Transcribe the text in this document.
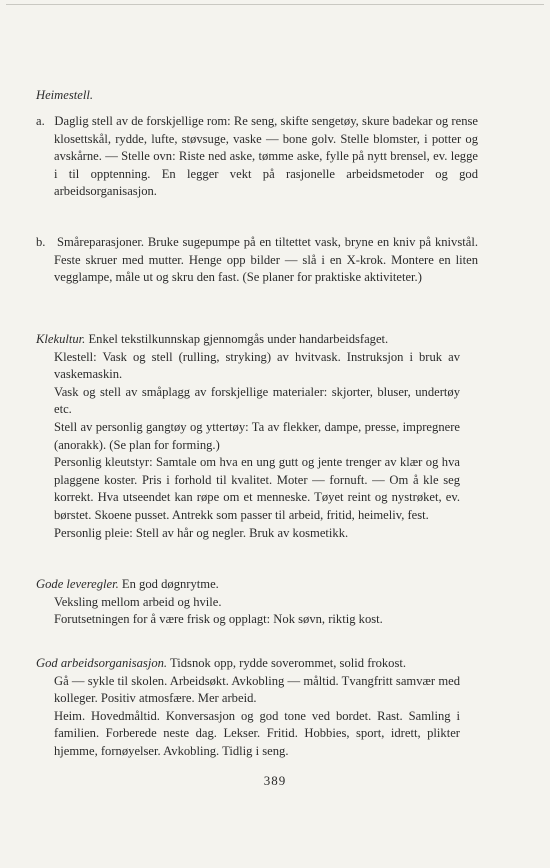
Heimestell.
a. Daglig stell av de forskjellige rom: Re seng, skifte sengetøy, skure badekar og rense klosettskål, rydde, lufte, støvsuge, vaske — bone golv. Stelle blomster, i potter og avskårne. — Stelle ovn: Riste ned aske, tømme aske, fylle på nytt brensel, ev. legge i til opptenning. En legger vekt på rasjonelle arbeidsmetoder og god arbeidsorganisasjon.
b. Småreparasjoner. Bruke sugepumpe på en tiltettet vask, bryne en kniv på knivstål. Feste skruer med mutter. Henge opp bilder — slå i en X-krok. Montere en liten vegglampe, måle ut og skru den fast. (Se planer for praktiske aktiviteter.)
Klekultur. Enkel tekstilkunnskap gjennomgås under handarbeidsfaget.
Klestell: Vask og stell (rulling, stryking) av hvitvask. Instruksjon i bruk av vaskemaskin.
Vask og stell av småplagg av forskjellige materialer: skjorter, bluser, undertøy etc.
Stell av personlig gangtøy og yttertøy: Ta av flekker, dampe, presse, impregnere (anorakk). (Se plan for forming.)
Personlig kleutstyr: Samtale om hva en ung gutt og jente trenger av klær og hva plaggene koster. Pris i forhold til kvalitet. Moter — fornuft. — Om å kle seg korrekt. Hva utseendet kan røpe om et menneske. Tøyet reint og nystrøket, ev. børstet. Skoene pusset. Antrekk som passer til arbeid, fritid, heimeliv, fest.
Personlig pleie: Stell av hår og negler. Bruk av kosmetikk.
Gode leveregler. En god døgnrytme.
Veksling mellom arbeid og hvile.
Forutsetningen for å være frisk og opplagt: Nok søvn, riktig kost.
God arbeidsorganisasjon. Tidsnok opp, rydde soverommet, solid frokost.
Gå — sykle til skolen. Arbeidsøkt. Avkobling — måltid. Tvangfritt samvær med kolleger. Positiv atmosfære. Mer arbeid.
Heim. Hovedmåltid. Konversasjon og god tone ved bordet. Rast. Samling i familien. Forberede neste dag. Lekser. Fritid. Hobbies, sport, idrett, plikter hjemme, fornøyelser. Avkobling. Tidlig i seng.
389
